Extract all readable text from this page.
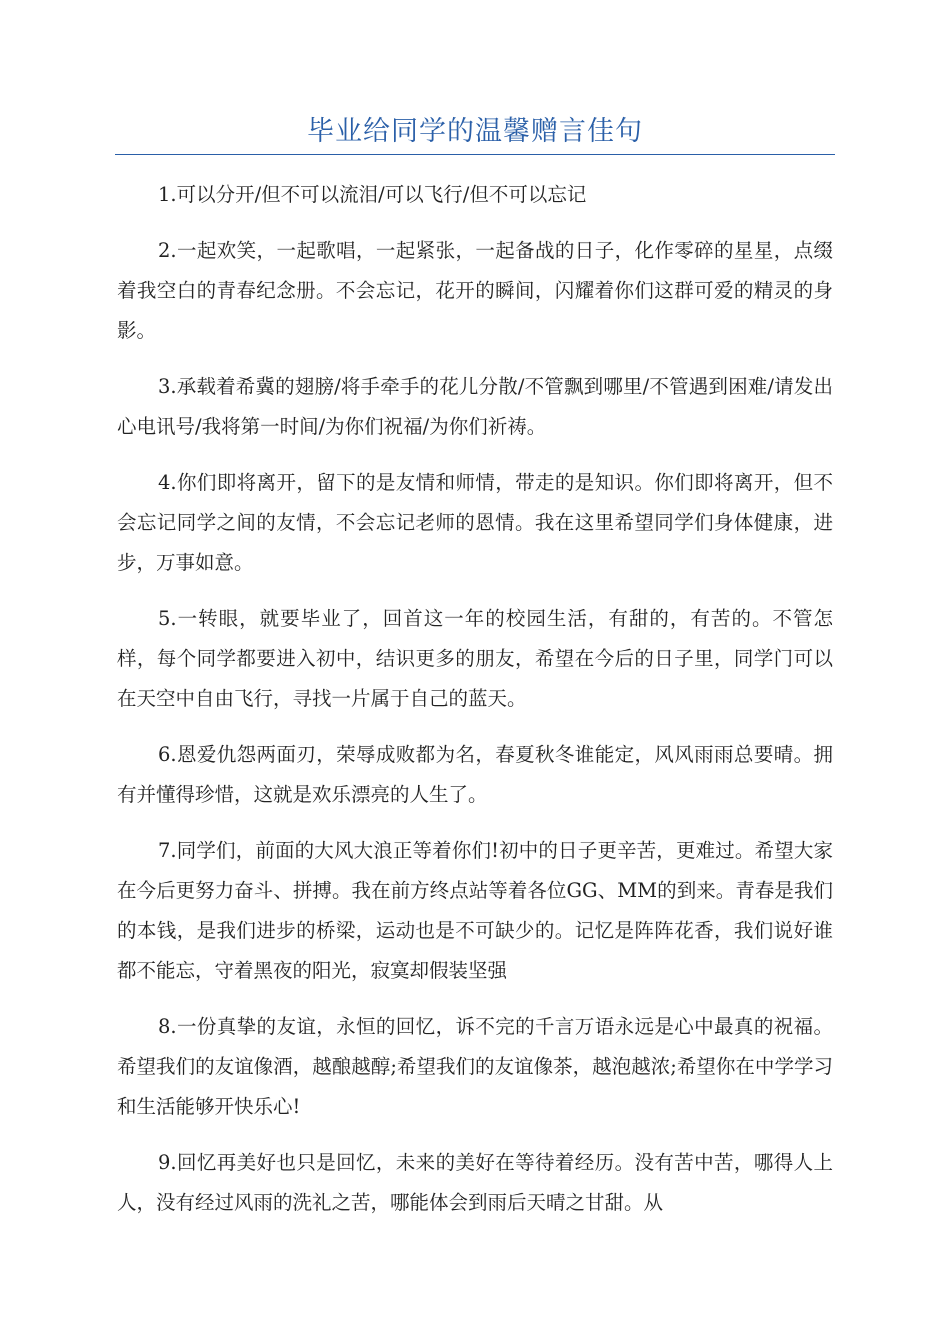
毕业给同学的温馨赠言佳句

1.可以分开/但不可以流泪/可以飞行/但不可以忘记

2.一起欢笑，一起歌唱，一起紧张，一起备战的日子，化作零碎的星星，点缀着我空白的青春纪念册。不会忘记，花开的瞬间，闪耀着你们这群可爱的精灵的身影。

3.承载着希冀的翅膀/将手牵手的花儿分散/不管飘到哪里/不管遇到困难/请发出心电讯号/我将第一时间/为你们祝福/为你们祈祷。

4.你们即将离开，留下的是友情和师情，带走的是知识。你们即将离开，但不会忘记同学之间的友情，不会忘记老师的恩情。我在这里希望同学们身体健康，进步，万事如意。

5.一转眼，就要毕业了，回首这一年的校园生活，有甜的，有苦的。不管怎样，每个同学都要进入初中，结识更多的朋友，希望在今后的日子里，同学门可以在天空中自由飞行，寻找一片属于自己的蓝天。

6.恩爱仇怨两面刃，荣辱成败都为名，春夏秋冬谁能定，风风雨雨总要晴。拥有并懂得珍惜，这就是欢乐漂亮的人生了。

7.同学们，前面的大风大浪正等着你们!初中的日子更辛苦，更难过。希望大家在今后更努力奋斗、拼搏。我在前方终点站等着各位GG、MM的到来。青春是我们的本钱，是我们进步的桥梁，运动也是不可缺少的。记忆是阵阵花香，我们说好谁都不能忘，守着黑夜的阳光，寂寞却假装坚强

8.一份真挚的友谊，永恒的回忆，诉不完的千言万语永远是心中最真的祝福。希望我们的友谊像酒，越酿越醇;希望我们的友谊像茶，越泡越浓;希望你在中学学习和生活能够开快乐心!

9.回忆再美好也只是回忆，未来的美好在等待着经历。没有苦中苦，哪得人上人，没有经过风雨的洗礼之苦，哪能体会到雨后天晴之甘甜。从
